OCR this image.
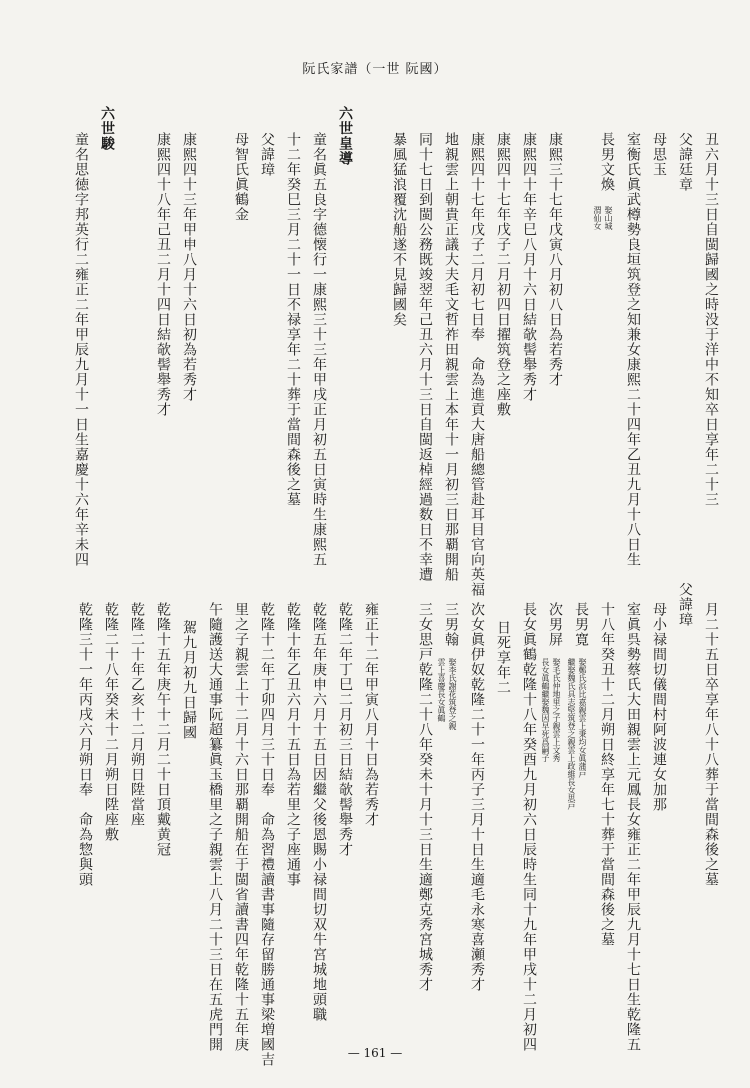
阮氏家譜（一世 阮國）
丑六月十三日自閩歸國之時没于洋中不知卒日享年二十三
父諱廷章
母思玉
室衡氏眞武樽勢良垣筑登之知兼女康熙二十四年乙丑九月十八日生
長男文煥
娶山城
渭仙女
康熙三十七年戊寅八月初八日為若秀才
康熙四十年辛巳八月十六日結欹髻舉秀才
康熙四十七年戊子二月初四日擢筑登之座敷
康熙四十七年戊子二月初七日奉　命為進貢大唐船總管赴耳目官向英福
地親雲上朝貴正議大夫毛文哲祚田親雲上本年十一月初三日那覇開船
同十七日到閩公務既竣翌年己丑六月十三日自閩返棹經過数日不幸遭
暴風猛浪覆沈船遂不見歸國矣
六世皇導
童名眞五良字德懐行一康熙三十三年甲戌正月初五日寅時生康熙五
十二年癸巳三月二十一日不禄享年二十葬于當間森後之墓
父諱璋
母智氏眞鶴金
康熙四十三年甲申八月十六日初為若秀才
康熙四十八年己丑二月十四日結欹髻舉秀才
六世駿
童名思徳字邦英行二雍正二年甲辰九月十一日生嘉慶十六年辛未四
月二十五日卒享年八十八葬于當間森後之墓
父諱璋
母小禄間切儀間村阿波連女加那
室眞呉勢蔡氏大田親雲上元鳳長女雍正二年甲辰九月十七日生乾隆五
十八年癸丑十二月朔日終享年七十葬于當間森後之墓
長男寛
娶鄭氏浜比嘉親雲上秉均女眞蒲戸
繼娶魏氏具志堅筑登之親雲上政維長女思戸
次男屏
娶毛氏仲地里之子親雲上文秀
長女眞鶴繼娶魏因早死爲嗣子
長女眞鶴乾隆十八年癸酉九月初六日辰時生同十九年甲戌十二月初四
日死享年二
次女眞伊奴乾隆二十一年丙子三月十日生適毛永寒喜瀬秀才
三男翰
娶李氏謝花筑登之親
雲上喜慶長女眞鶴
三女思戸乾隆二十八年癸未十月十三日生適鄭克秀宮城秀才
雍正十二年甲寅八月十日為若秀才
乾隆二年丁巳二月初三日結欹髻舉秀才
乾隆五年庚申六月十五日因繼父後恩賜小禄間切双牛宮城地頭職
乾隆十年乙丑六月十五日為若里之子座通事
乾隆十二年丁卯四月三十日奉　命為習禮讀書事隨存留勝通事梁増國吉
里之子親雲上十二月十六日那覇開船在于閩省讀書四年乾隆十五年庚
午隨護送大通事阮超纂眞玉橋里之子親雲上八月二十三日在五虎門開
駕九月初九日歸國
乾隆十五年庚午十二月二十日頂戴黄冠
乾隆二十年乙亥十二月朔日陞當座
乾隆二十八年癸未十二月朔日陞座敷
乾隆三十一年丙戌六月朔日奉　命為惣與頭
— 161 —
